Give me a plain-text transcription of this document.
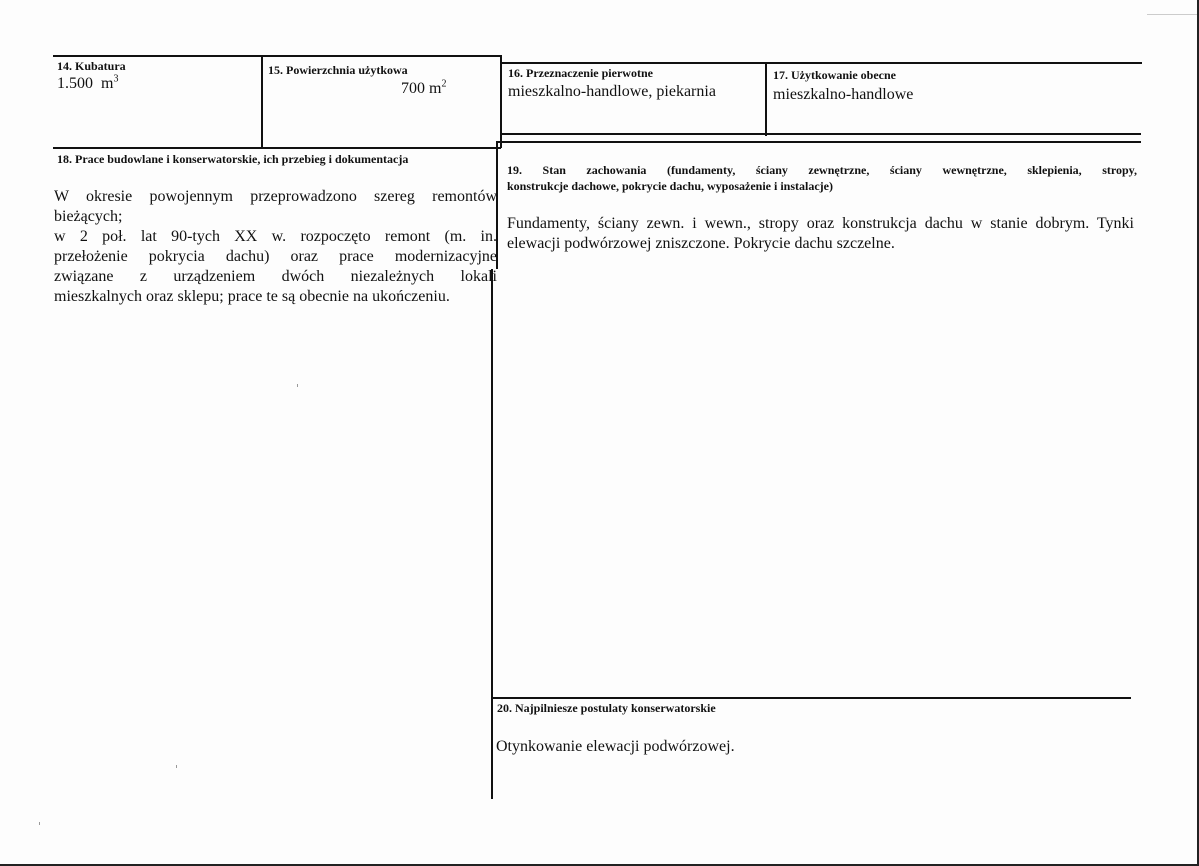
14. Kubatura
1.500 $m^3$
15. Powierzchnia użytkowa
700 $m^2$
16. Przeznaczenie pierwotne
mieszkalno-handlowe, piekarnia
17. Użytkowanie obecne
mieszkalno-handlowe
18. Prace budowlane i konserwatorskie, ich przebieg i dokumentacja
W okresie powojennym przeprowadzono szereg remontów
bieżących;
w 2 poł. lat 90-tych XX w. rozpoczęto remont (m. in.
przełożenie pokrycia dachu) oraz prace modernizacyjne
związane z urządzeniem dwóch niezależnych lokali
mieszkalnych oraz sklepu; prace te są obecnie na ukończeniu.
19. Stan zachowania (fundamenty, ściany zewnętrzne, ściany wewnętrzne, sklepienia, stropy,
konstrukcje dachowe, pokrycie dachu, wyposażenie i instalacje)
Fundamenty, ściany zewn. i wewn., stropy oraz konstrukcja dachu w stanie dobrym. Tynki
elewacji podwórzowej zniszczone. Pokrycie dachu szczelne.
20. Najpilniesze postulaty konserwatorskie
Otynkowanie elewacji podwórzowej.
